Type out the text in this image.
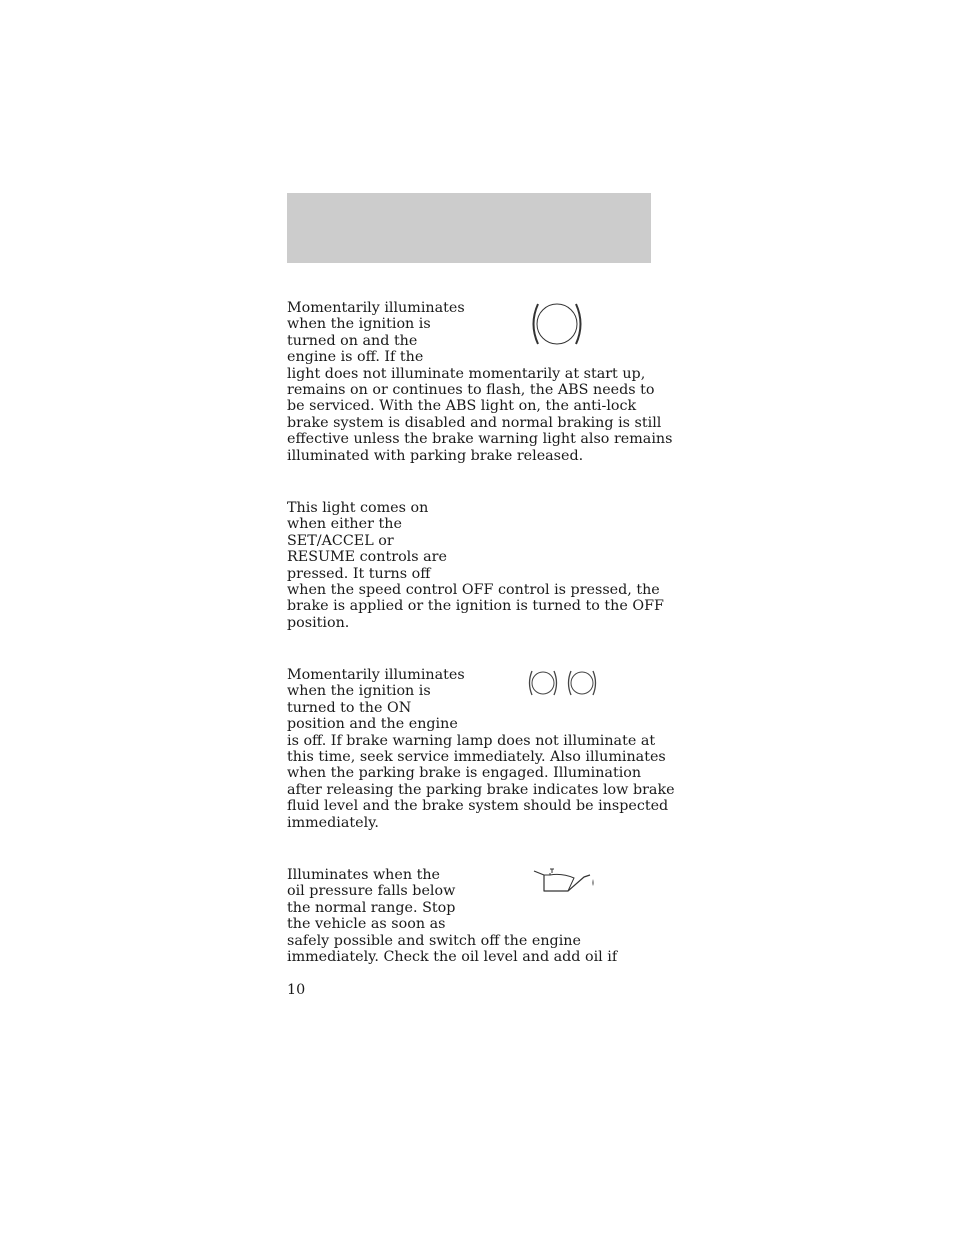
Momentarily illuminates
when the ignition is
turned on and the
engine is off. If the
light does not illuminate momentarily at start up,
remains on or continues to flash, the ABS needs to
be serviced. With the ABS light on, the anti-lock
brake system is disabled and normal braking is still
effective unless the brake warning light also remains
illuminated with parking brake released.

This light comes on
when either the
SET/ACCEL or
RESUME controls are
pressed. It turns off
when the speed control OFF control is pressed, the
brake is applied or the ignition is turned to the OFF
position.

Momentarily illuminates
when the ignition is
turned to the ON
position and the engine
is off. If brake warning lamp does not illuminate at
this time, seek service immediately. Also illuminates
when the parking brake is engaged. Illumination
after releasing the parking brake indicates low brake
fluid level and the brake system should be inspected
immediately.

Illuminates when the
oil pressure falls below
the normal range. Stop
the vehicle as soon as
safely possible and switch off the engine
immediately. Check the oil level and add oil if

10
